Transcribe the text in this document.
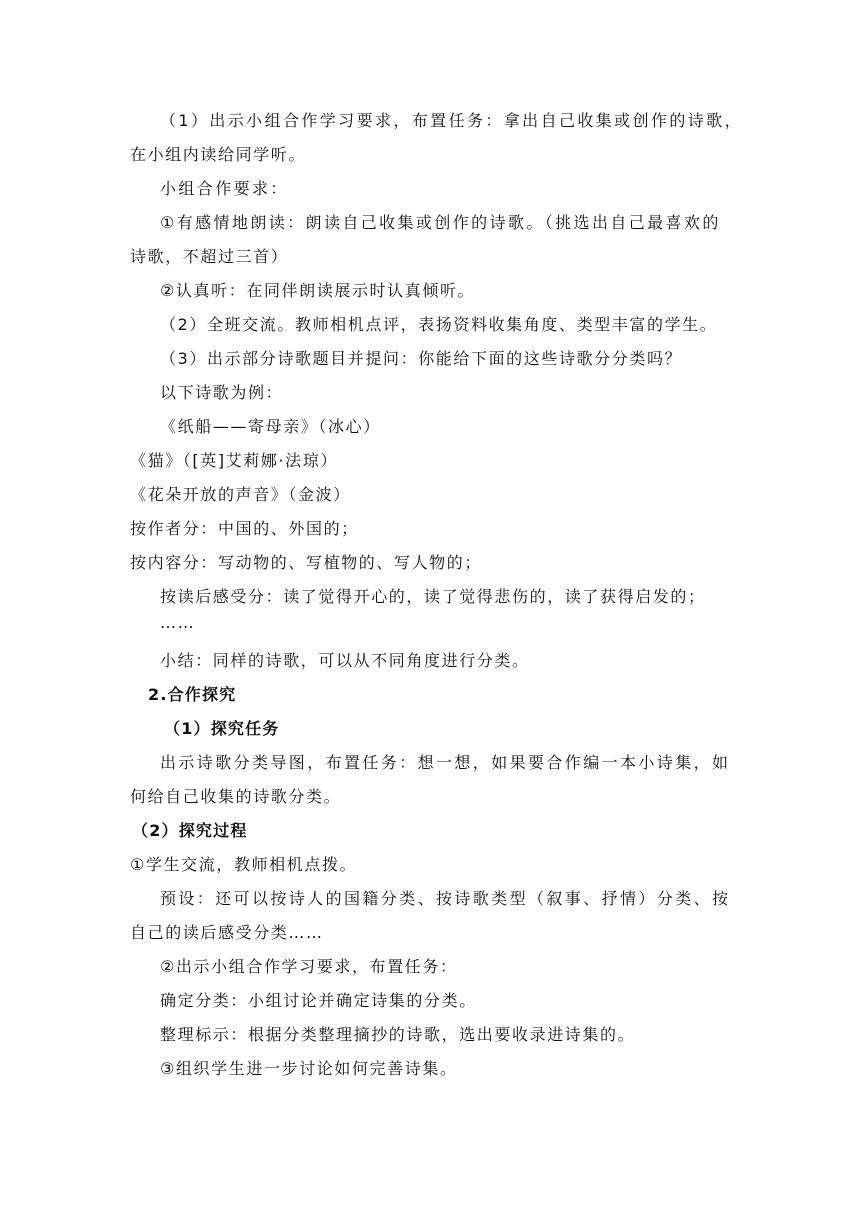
（1）出示小组合作学习要求，布置任务：拿出自己收集或创作的诗歌，
在小组内读给同学听。
小组合作要求：
①有感情地朗读：朗读自己收集或创作的诗歌。（挑选出自己最喜欢的
诗歌，不超过三首）
②认真听：在同伴朗读展示时认真倾听。
（2）全班交流。教师相机点评，表扬资料收集角度、类型丰富的学生。
（3）出示部分诗歌题目并提问：你能给下面的这些诗歌分分类吗？
以下诗歌为例：
《纸船——寄母亲》（冰心）
《猫》（[英]艾莉娜·法琼）
《花朵开放的声音》（金波）
按作者分：中国的、外国的；
按内容分：写动物的、写植物的、写人物的；
按读后感受分：读了觉得开心的，读了觉得悲伤的，读了获得启发的；
……
小结：同样的诗歌，可以从不同角度进行分类。
2.合作探究
（1）探究任务
出示诗歌分类导图，布置任务：想一想，如果要合作编一本小诗集，如
何给自己收集的诗歌分类。
（2）探究过程
①学生交流，教师相机点拨。
预设：还可以按诗人的国籍分类、按诗歌类型（叙事、抒情）分类、按
自己的读后感受分类……
②出示小组合作学习要求，布置任务：
确定分类：小组讨论并确定诗集的分类。
整理标示：根据分类整理摘抄的诗歌，选出要收录进诗集的。
③组织学生进一步讨论如何完善诗集。
